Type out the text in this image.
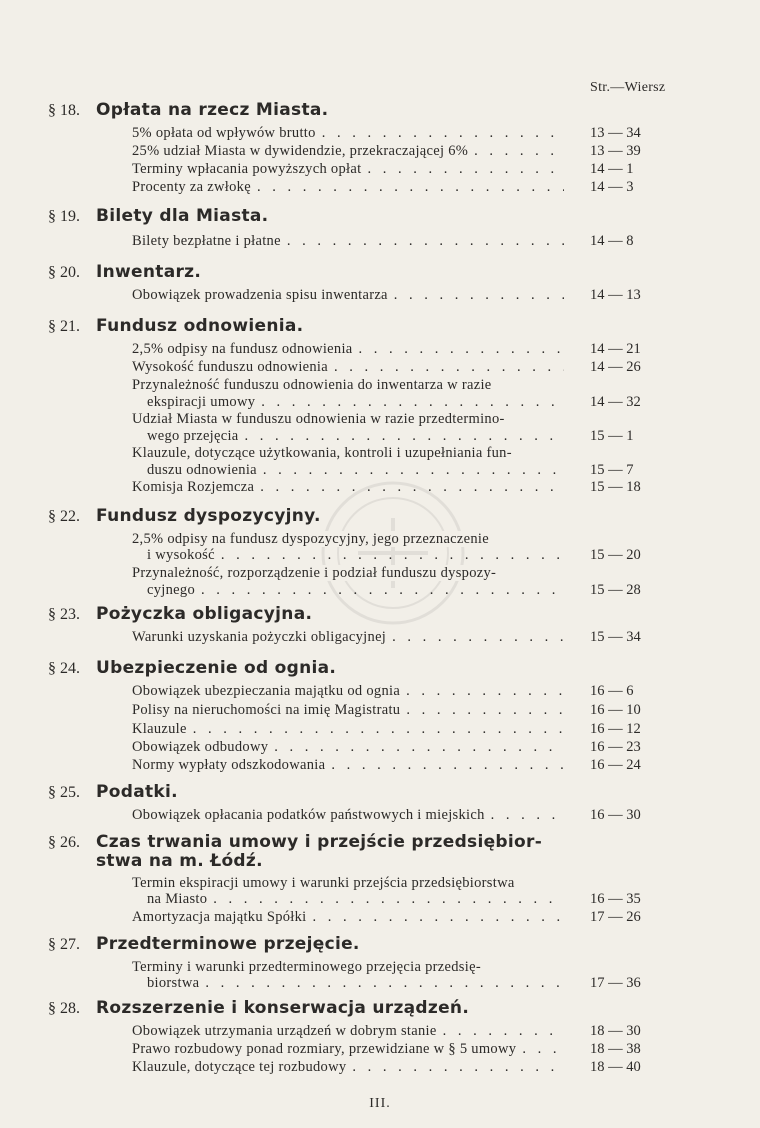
Str.—Wiersz
§ 18. Opłata na rzecz Miasta.
5% opłata od wpływów brutto . . .	13 — 34
25% udział Miasta w dywidendzie, przekraczającej 6% . . .	13 — 39
Terminy wpłacania powyższych opłat . . .	14 — 1
Procenty za zwłokę . . .	14 — 3
§ 19. Bilety dla Miasta.
Bilety bezpłatne i płatne . . .	14 — 8
§ 20. Inwentarz.
Obowiązek prowadzenia spisu inwentarza . . .	14 — 13
§ 21. Fundusz odnowienia.
2,5% odpisy na fundusz odnowienia . . .	14 — 21
Wysokość funduszu odnowienia . . .	14 — 26
Przynależność funduszu odnowienia do inwentarza w razie
ekspiracji umowy . . .	14 — 32
Udział Miasta w funduszu odnowienia w razie przedtermino-
wego przejęcia . . .	15 — 1
Klauzule, dotyczące użytkowania, kontroli i uzupełniania fun-
duszu odnowienia . . .	15 — 7
Komisja Rozjemcza . . .	15 — 18
§ 22. Fundusz dyspozycyjny.
2,5% odpisy na fundusz dyspozycyjny, jego przeznaczenie
i wysokość . . .	15 — 20
Przynależność, rozporządzenie i podział funduszu dyspozy-
cyjnego . . .	15 — 28
§ 23. Pożyczka obligacyjna.
Warunki uzyskania pożyczki obligacyjnej . . .	15 — 34
§ 24. Ubezpieczenie od ognia.
Obowiązek ubezpieczania majątku od ognia . . .	16 — 6
Polisy na nieruchomości na imię Magistratu . . .	16 — 10
Klauzule . . .	16 — 12
Obowiązek odbudowy . . .	16 — 23
Normy wypłaty odszkodowania . . .	16 — 24
§ 25. Podatki.
Obowiązek opłacania podatków państwowych i miejskich . . .	16 — 30
§ 26. Czas trwania umowy i przejście przedsiębior-
stwa na m. Łódź.
Termin ekspiracji umowy i warunki przejścia przedsiębiorstwa
na Miasto . . .	16 — 35
Amortyzacja majątku Spółki . . .	17 — 26
§ 27. Przedterminowe przejęcie.
Terminy i warunki przedterminowego przejęcia przedsię-
biorstwa . . .	17 — 36
§ 28. Rozszerzenie i konserwacja urządzeń.
Obowiązek utrzymania urządzeń w dobrym stanie . . .	18 — 30
Prawo rozbudowy ponad rozmiary, przewidziane w § 5 umowy . . .	18 — 38
Klauzule, dotyczące tej rozbudowy . . .	18 — 40
III.
